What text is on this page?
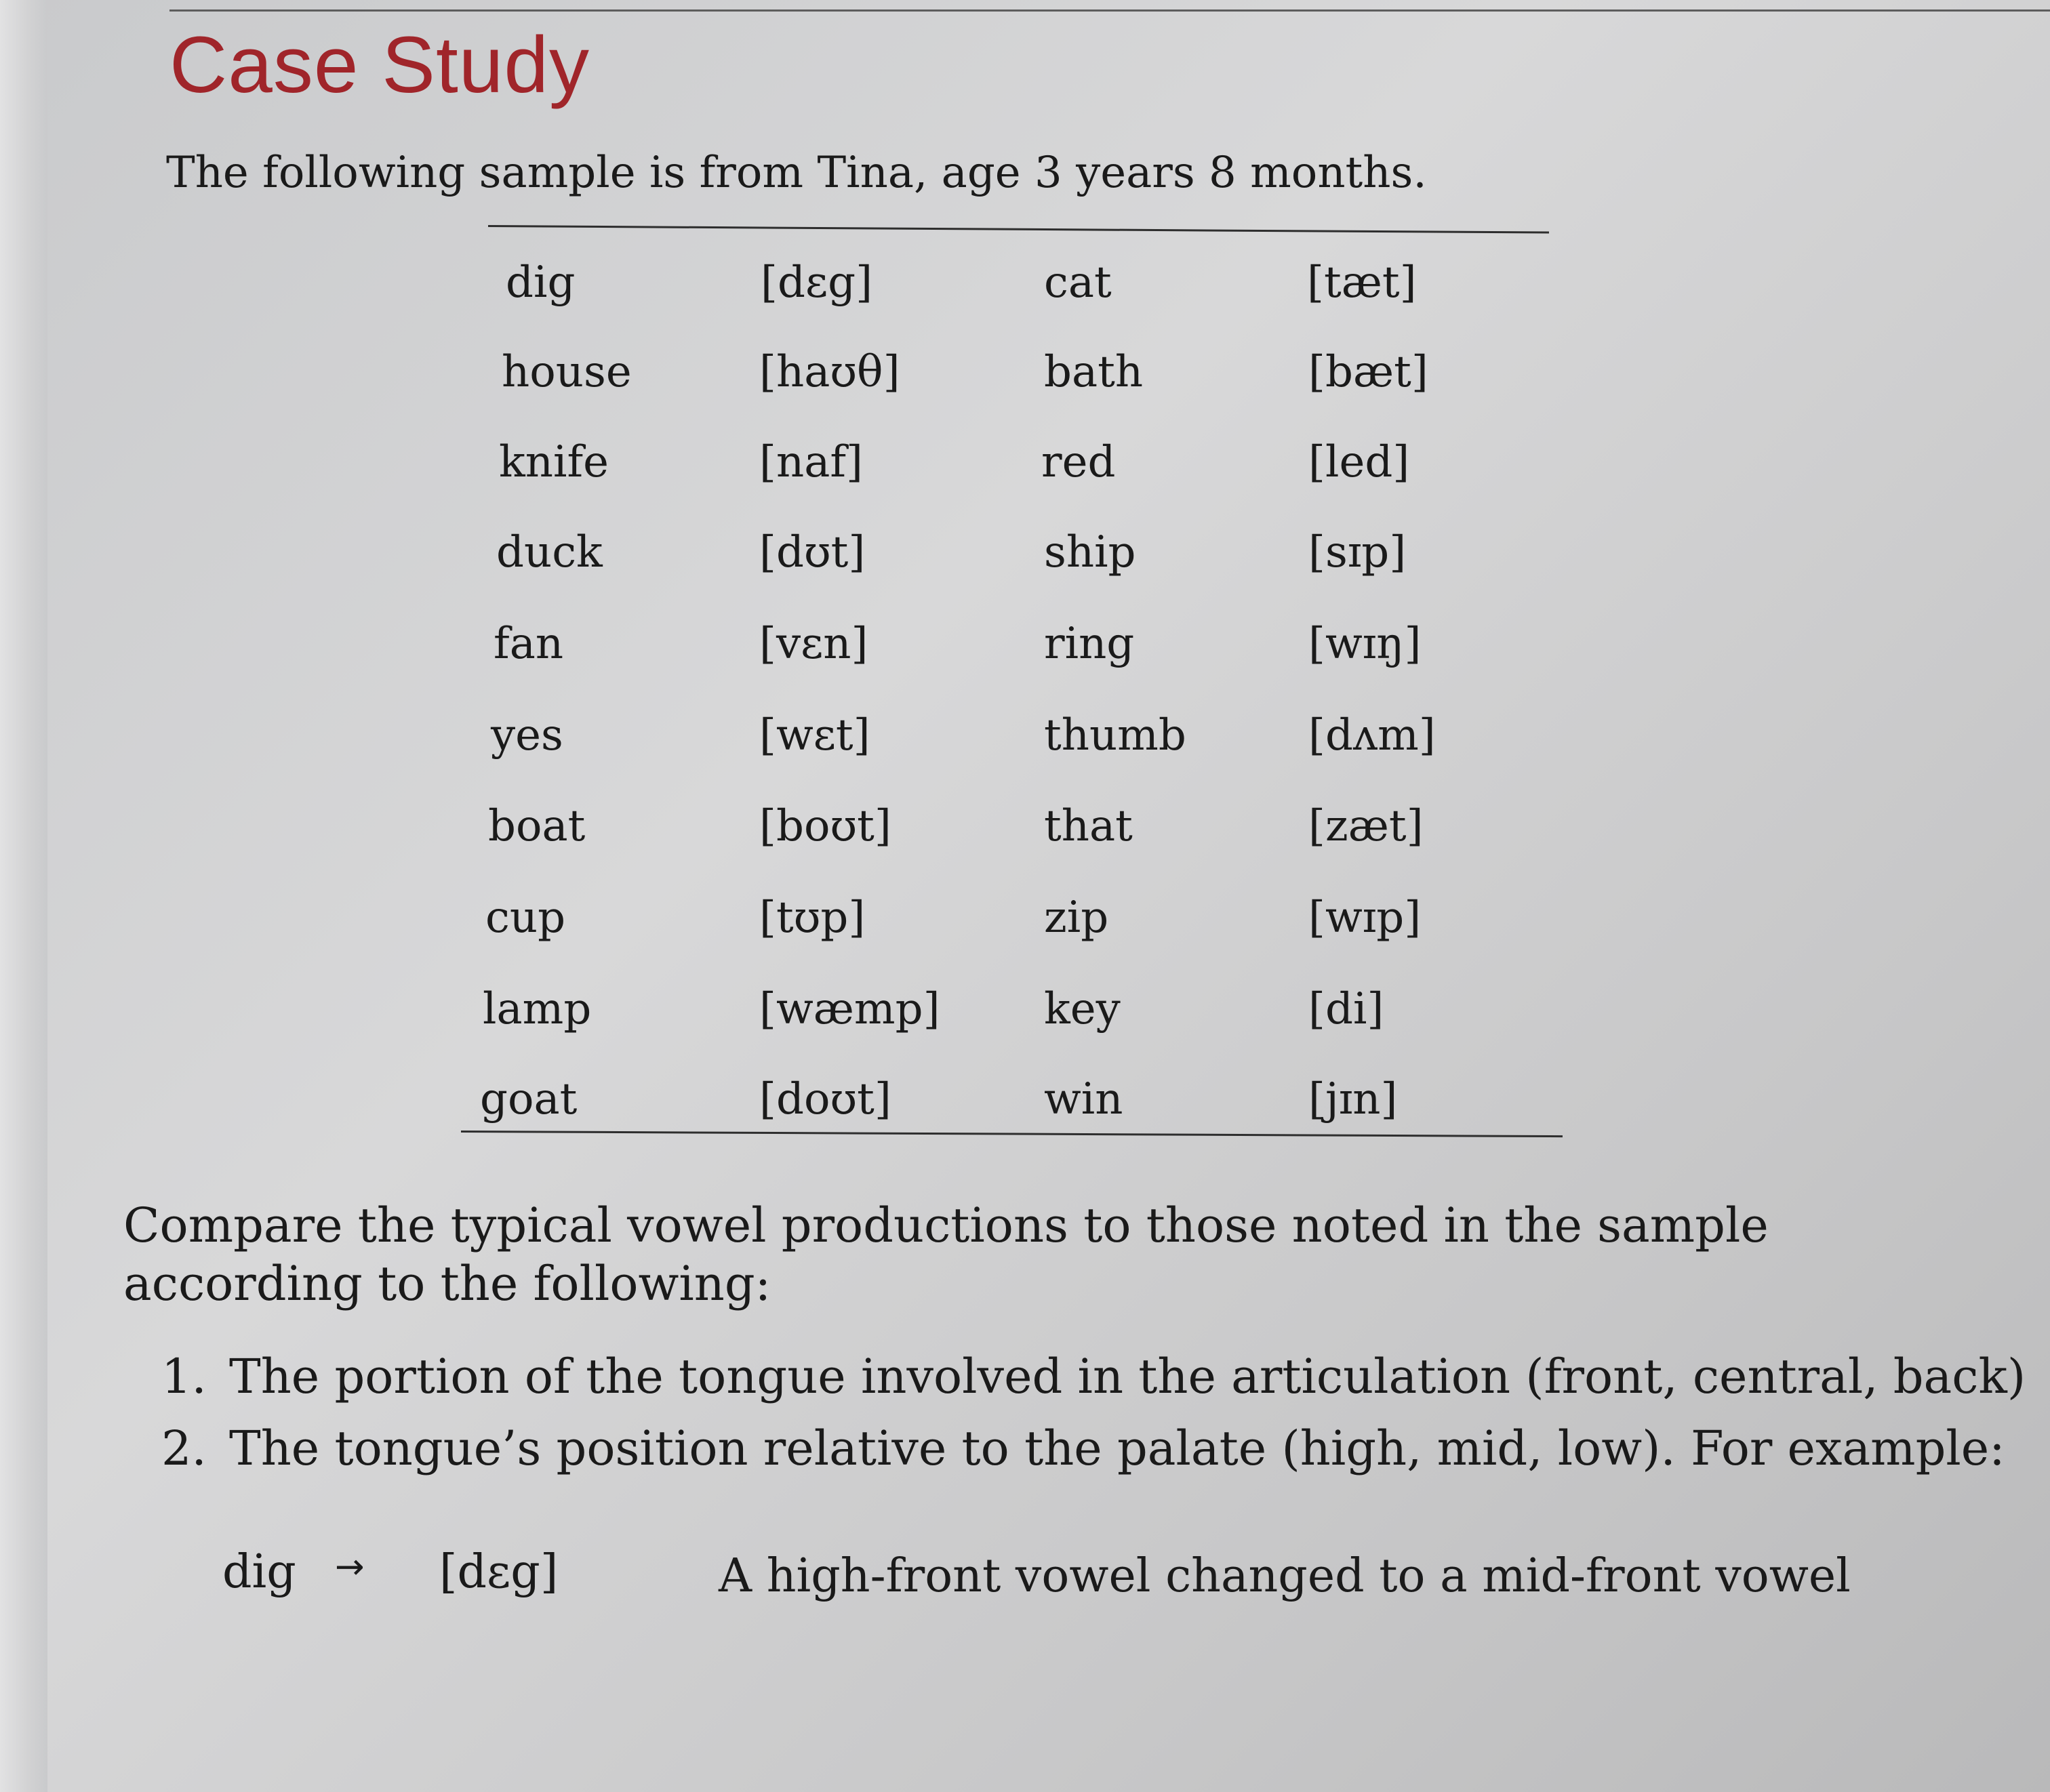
Case Study
The following sample is from Tina, age 3 years 8 months.
dig	[dɛg]	cat	[tæt]
house	[haʊθ]	bath	[bæt]
knife	[naf]	red	[led]
duck	[dʊt]	ship	[sɪp]
fan	[vɛn]	ring	[wɪŋ]
yes	[wɛt]	thumb	[dʌm]
boat	[boʊt]	that	[zæt]
cup	[tʊp]	zip	[wɪp]
lamp	[wæmp] key	[di]
goat	[doʊt]	win	[jɪn]
Compare the typical vowel productions to those noted in the sample according to the following:
1. The portion of the tongue involved in the articulation (front, central, back)
2. The tongue’s position relative to the palate (high, mid, low). For example:
dig → [dɛg]	A high-front vowel changed to a mid-front vowel
